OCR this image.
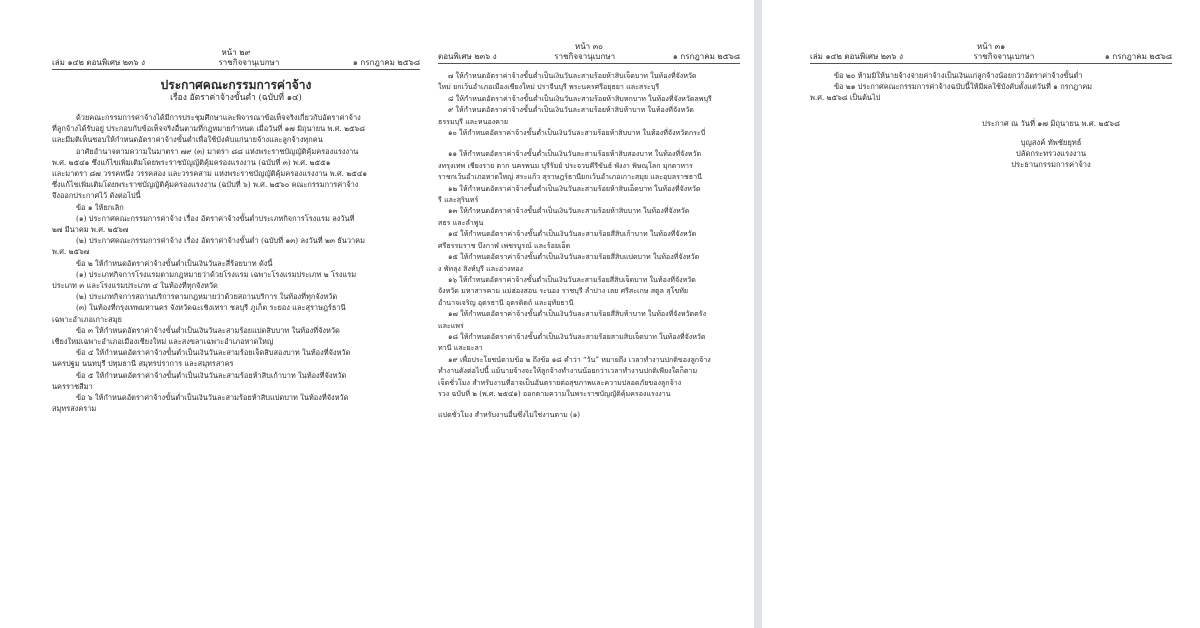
หน้า ๒๙
เล่ม ๑๔๒ ตอนพิเศษ ๒๓๖ ง	ราชกิจจานุเบกษา	๑ กรกฎาคม ๒๕๖๘
ประกาศคณะกรรมการค่าจ้าง
เรื่อง อัตราค่าจ้างขั้นต่ำ (ฉบับที่ ๑๔)

ด้วยคณะกรรมการค่าจ้างได้มีการประชุมศึกษาและพิจารณาข้อเท็จจริงเกี่ยวกับอัตราค่าจ้าง

ที่ลูกจ้างได้รับอยู่ ประกอบกับข้อเท็จจริงอื่นตามที่กฎหมายกำหนด เมื่อวันที่ ๑๗ มิถุนายน พ.ศ. ๒๕๖๘

และมีมติเห็นชอบให้กำหนดอัตราค่าจ้างขั้นต่ำเพื่อใช้บังคับแก่นายจ้างและลูกจ้างทุกคน

อาศัยอำนาจตามความในมาตรา ๗๙ (๓) มาตรา ๘๘ แห่งพระราชบัญญัติคุ้มครองแรงงาน

พ.ศ. ๒๕๔๑ ซึ่งแก้ไขเพิ่มเติมโดยพระราชบัญญัติคุ้มครองแรงงาน (ฉบับที่ ๓) พ.ศ. ๒๕๕๑

และมาตรา ๘๗ วรรคหนึ่ง วรรคสอง และวรรคสาม แห่งพระราชบัญญัติคุ้มครองแรงงาน พ.ศ. ๒๕๔๑

ซึ่งแก้ไขเพิ่มเติมโดยพระราชบัญญัติคุ้มครองแรงงาน (ฉบับที่ ๖) พ.ศ. ๒๕๖๐ คณะกรรมการค่าจ้าง

จึงออกประกาศไว้ ดังต่อไปนี้

ข้อ ๑ ให้ยกเลิก

(๑) ประกาศคณะกรรมการค่าจ้าง เรื่อง อัตราค่าจ้างขั้นต่ำประเภทกิจการโรงแรม ลงวันที่

๒๗ มีนาคม พ.ศ. ๒๕๖๗

(๒) ประกาศคณะกรรมการค่าจ้าง เรื่อง อัตราค่าจ้างขั้นต่ำ (ฉบับที่ ๑๓) ลงวันที่ ๒๓ ธันวาคม

พ.ศ. ๒๕๖๗

ข้อ ๒ ให้กำหนดอัตราค่าจ้างขั้นต่ำเป็นเงินวันละสี่ร้อยบาท ดังนี้

(๑) ประเภทกิจการโรงแรมตามกฎหมายว่าด้วยโรงแรม เฉพาะโรงแรมประเภท ๒ โรงแรม

ประเภท ๓ และโรงแรมประเภท ๔ ในท้องที่ทุกจังหวัด

(๒) ประเภทกิจการสถานบริการตามกฎหมายว่าด้วยสถานบริการ ในท้องที่ทุกจังหวัด

(๓) ในท้องที่กรุงเทพมหานคร จังหวัดฉะเชิงเทรา ชลบุรี ภูเก็ต ระยอง และสุราษฎร์ธานี

เฉพาะอำเภอเกาะสมุย

ข้อ ๓ ให้กำหนดอัตราค่าจ้างขั้นต่ำเป็นเงินวันละสามร้อยแปดสิบบาท ในท้องที่จังหวัด

เชียงใหม่เฉพาะอำเภอเมืองเชียงใหม่ และสงขลาเฉพาะอำเภอหาดใหญ่

ข้อ ๔ ให้กำหนดอัตราค่าจ้างขั้นต่ำเป็นเงินวันละสามร้อยเจ็ดสิบสองบาท ในท้องที่จังหวัด

นครปฐม นนทบุรี ปทุมธานี สมุทรปราการ และสมุทรสาคร

ข้อ ๕ ให้กำหนดอัตราค่าจ้างขั้นต่ำเป็นเงินวันละสามร้อยห้าสิบเก้าบาท ในท้องที่จังหวัด

นครราชสีมา

ข้อ ๖ ให้กำหนดอัตราค่าจ้างขั้นต่ำเป็นเงินวันละสามร้อยห้าสิบแปดบาท ในท้องที่จังหวัด

สมุทรสงคราม

หน้า ๓๐
ตอนพิเศษ ๒๓๖ ง	ราชกิจจานุเบกษา	๑ กรกฎาคม ๒๕๖๘

๗ ให้กำหนดอัตราค่าจ้างขั้นต่ำเป็นเงินวันละสามร้อยห้าสิบเจ็ดบาท ในท้องที่จังหวัด

ใหม่ ยกเว้นอำเภอเมืองเชียงใหม่ ปราจีนบุรี พระนครศรีอยุธยา และสระบุรี

๘ ให้กำหนดอัตราค่าจ้างขั้นต่ำเป็นเงินวันละสามร้อยห้าสิบหกบาท ในท้องที่จังหวัดลพบุรี

๙ ให้กำหนดอัตราค่าจ้างขั้นต่ำเป็นเงินวันละสามร้อยห้าสิบห้าบาท ในท้องที่จังหวัด

ธรรมบุรี และหนองคาย

๑๐ ให้กำหนดอัตราค่าจ้างขั้นต่ำเป็นเงินวันละสามร้อยห้าสิบบาท ในท้องที่จังหวัดกระบี่

๑๑ ให้กำหนดอัตราค่าจ้างขั้นต่ำเป็นเงินวันละสามร้อยห้าสิบสองบาท ในท้องที่จังหวัด

งทรุงเทพ เชียงราย ตาก นครพนม บุรีรัมย์ ประจวบคีรีขันธ์ พังงา พิษณุโลก มุกดาหาร

ราชกเว้นอำเภอหาดใหญ่ สระแก้ว สุราษฎร์ธานียกเว้นอำเภอเกาะสมุย และอุบลราชธานี

๑๒ ให้กำหนดอัตราค่าจ้างขั้นต่ำเป็นเงินวันละสามร้อยห้าสิบเอ็ดบาท ในท้องที่จังหวัด

รี และสุรินทร์

๑๓ ให้กำหนดอัตราค่าจ้างขั้นต่ำเป็นเงินวันละสามร้อยห้าสิบบาท ในท้องที่จังหวัด

สธร และลำพูน

๑๔ ให้กำหนดอัตราค่าจ้างขั้นต่ำเป็นเงินวันละสามร้อยสี่สิบเก้าบาท ในท้องที่จังหวัด

ศรีธรรมราช บึงกาฬ เพชรบูรณ์ และร้อยเอ็ด

๑๕ ให้กำหนดอัตราค่าจ้างขั้นต่ำเป็นเงินวันละสามร้อยสี่สิบแปดบาท ในท้องที่จังหวัด

ง พัทลุง สิงห์บุรี และอ่างทอง

๑๖ ให้กำหนดอัตราค่าจ้างขั้นต่ำเป็นเงินวันละสามร้อยสี่สิบเจ็ดบาท ในท้องที่จังหวัด

จังหวัด มหาสารคาม แม่ฮ่องสอน ระนอง ราชบุรี ลำปาง เลย ศรีสะเกษ สตูล สุโขทัย

อำนาจเจริญ อุดรธานี อุตรดิตถ์ และอุทัยธานี

๑๗ ให้กำหนดอัตราค่าจ้างขั้นต่ำเป็นเงินวันละสามร้อยสี่สิบห้าบาท ในท้องที่จังหวัดตรัง

และแพร่

๑๘ ให้กำหนดอัตราค่าจ้างขั้นต่ำเป็นเงินวันละสามร้อยสามสิบเจ็ดบาท ในท้องที่จังหวัด

ทานี และยะลา

๑๙ เพื่อประโยชน์ตามข้อ ๒ ถึงข้อ ๑๘ คำว่า “วัน” หมายถึง เวลาทำงานปกติของลูกจ้าง

ทำงานดังต่อไปนี้ แม้นายจ้างจะให้ลูกจ้างทำงานน้อยกว่าเวลาทำงานปกติเพียงใดก็ตาม

เจ็ดชั่วโมง สำหรับงานที่อาจเป็นอันตรายต่อสุขภาพและความปลอดภัยของลูกจ้าง

รวง ฉบับที่ ๒ (พ.ศ. ๒๕๔๑) ออกตามความในพระราชบัญญัติคุ้มครองแรงงาน

แปดชั่วโมง สำหรับงานอื่นซึ่งไม่ใช่งานตาม (๑)

หน้า ๓๑
เล่ม ๑๔๒ ตอนพิเศษ ๒๓๖ ง	ราชกิจจานุเบกษา	๑ กรกฎาคม ๒๕๖๘

ข้อ ๒๐ ห้ามมิให้นายจ้างจ่ายค่าจ้างเป็นเงินแก่ลูกจ้างน้อยกว่าอัตราค่าจ้างขั้นต่ำ

ข้อ ๒๑ ประกาศคณะกรรมการค่าจ้างฉบับนี้ให้มีผลใช้บังคับตั้งแต่วันที่ ๑ กรกฎาคม

พ.ศ. ๒๕๖๘ เป็นต้นไป

ประกาศ ณ วันที่ ๑๗ มิถุนายน พ.ศ. ๒๕๖๘
บุญสงค์ ทัพชัยยุทธ์
ปลัดกระทรวงแรงงาน
ประธานกรรมการค่าจ้าง
